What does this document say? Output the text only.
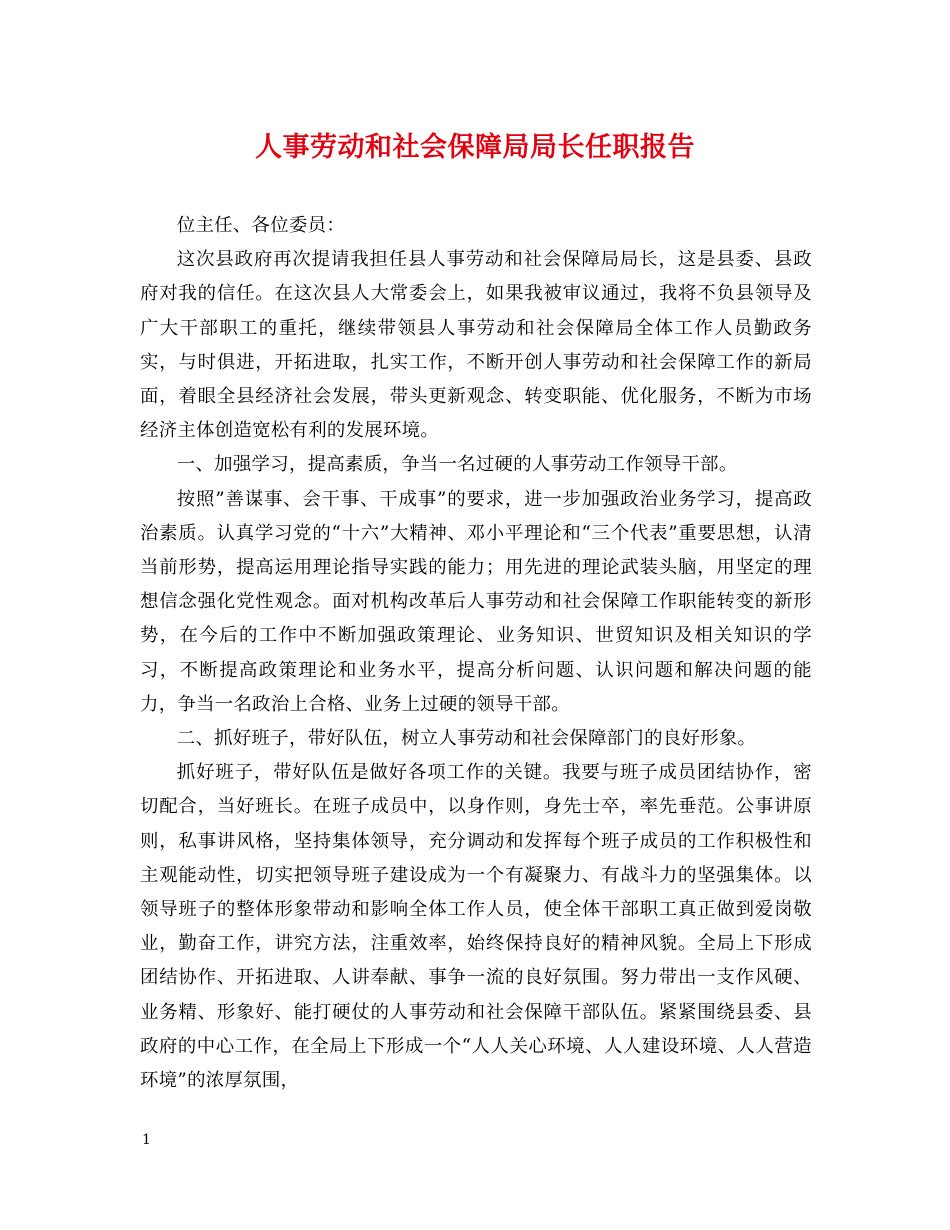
人事劳动和社会保障局局长任职报告

位主任、各位委员：

这次县政府再次提请我担任县人事劳动和社会保障局局长，这是县委、县政府对我的信任。在这次县人大常委会上，如果我被审议通过，我将不负县领导及广大干部职工的重托，继续带领县人事劳动和社会保障局全体工作人员勤政务实，与时俱进，开拓进取，扎实工作，不断开创人事劳动和社会保障工作的新局面，着眼全县经济社会发展，带头更新观念、转变职能、优化服务，不断为市场经济主体创造宽松有利的发展环境。

一、加强学习，提高素质，争当一名过硬的人事劳动工作领导干部。

按照”善谋事、会干事、干成事”的要求，进一步加强政治业务学习，提高政治素质。认真学习党的“十六”大精神、邓小平理论和“三个代表”重要思想，认清当前形势，提高运用理论指导实践的能力；用先进的理论武装头脑，用坚定的理想信念强化党性观念。面对机构改革后人事劳动和社会保障工作职能转变的新形势，在今后的工作中不断加强政策理论、业务知识、世贸知识及相关知识的学习，不断提高政策理论和业务水平，提高分析问题、认识问题和解决问题的能力，争当一名政治上合格、业务上过硬的领导干部。

二、抓好班子，带好队伍，树立人事劳动和社会保障部门的良好形象。

抓好班子，带好队伍是做好各项工作的关键。我要与班子成员团结协作，密切配合，当好班长。在班子成员中，以身作则，身先士卒，率先垂范。公事讲原则，私事讲风格，坚持集体领导，充分调动和发挥每个班子成员的工作积极性和主观能动性，切实把领导班子建设成为一个有凝聚力、有战斗力的坚强集体。以领导班子的整体形象带动和影响全体工作人员，使全体干部职工真正做到爱岗敬业，勤奋工作，讲究方法，注重效率，始终保持良好的精神风貌。全局上下形成团结协作、开拓进取、人讲奉献、事争一流的良好氛围。努力带出一支作风硬、业务精、形象好、能打硬仗的人事劳动和社会保障干部队伍。紧紧围绕县委、县政府的中心工作，在全局上下形成一个“人人关心环境、人人建设环境、人人营造环境”的浓厚氛围，

1
